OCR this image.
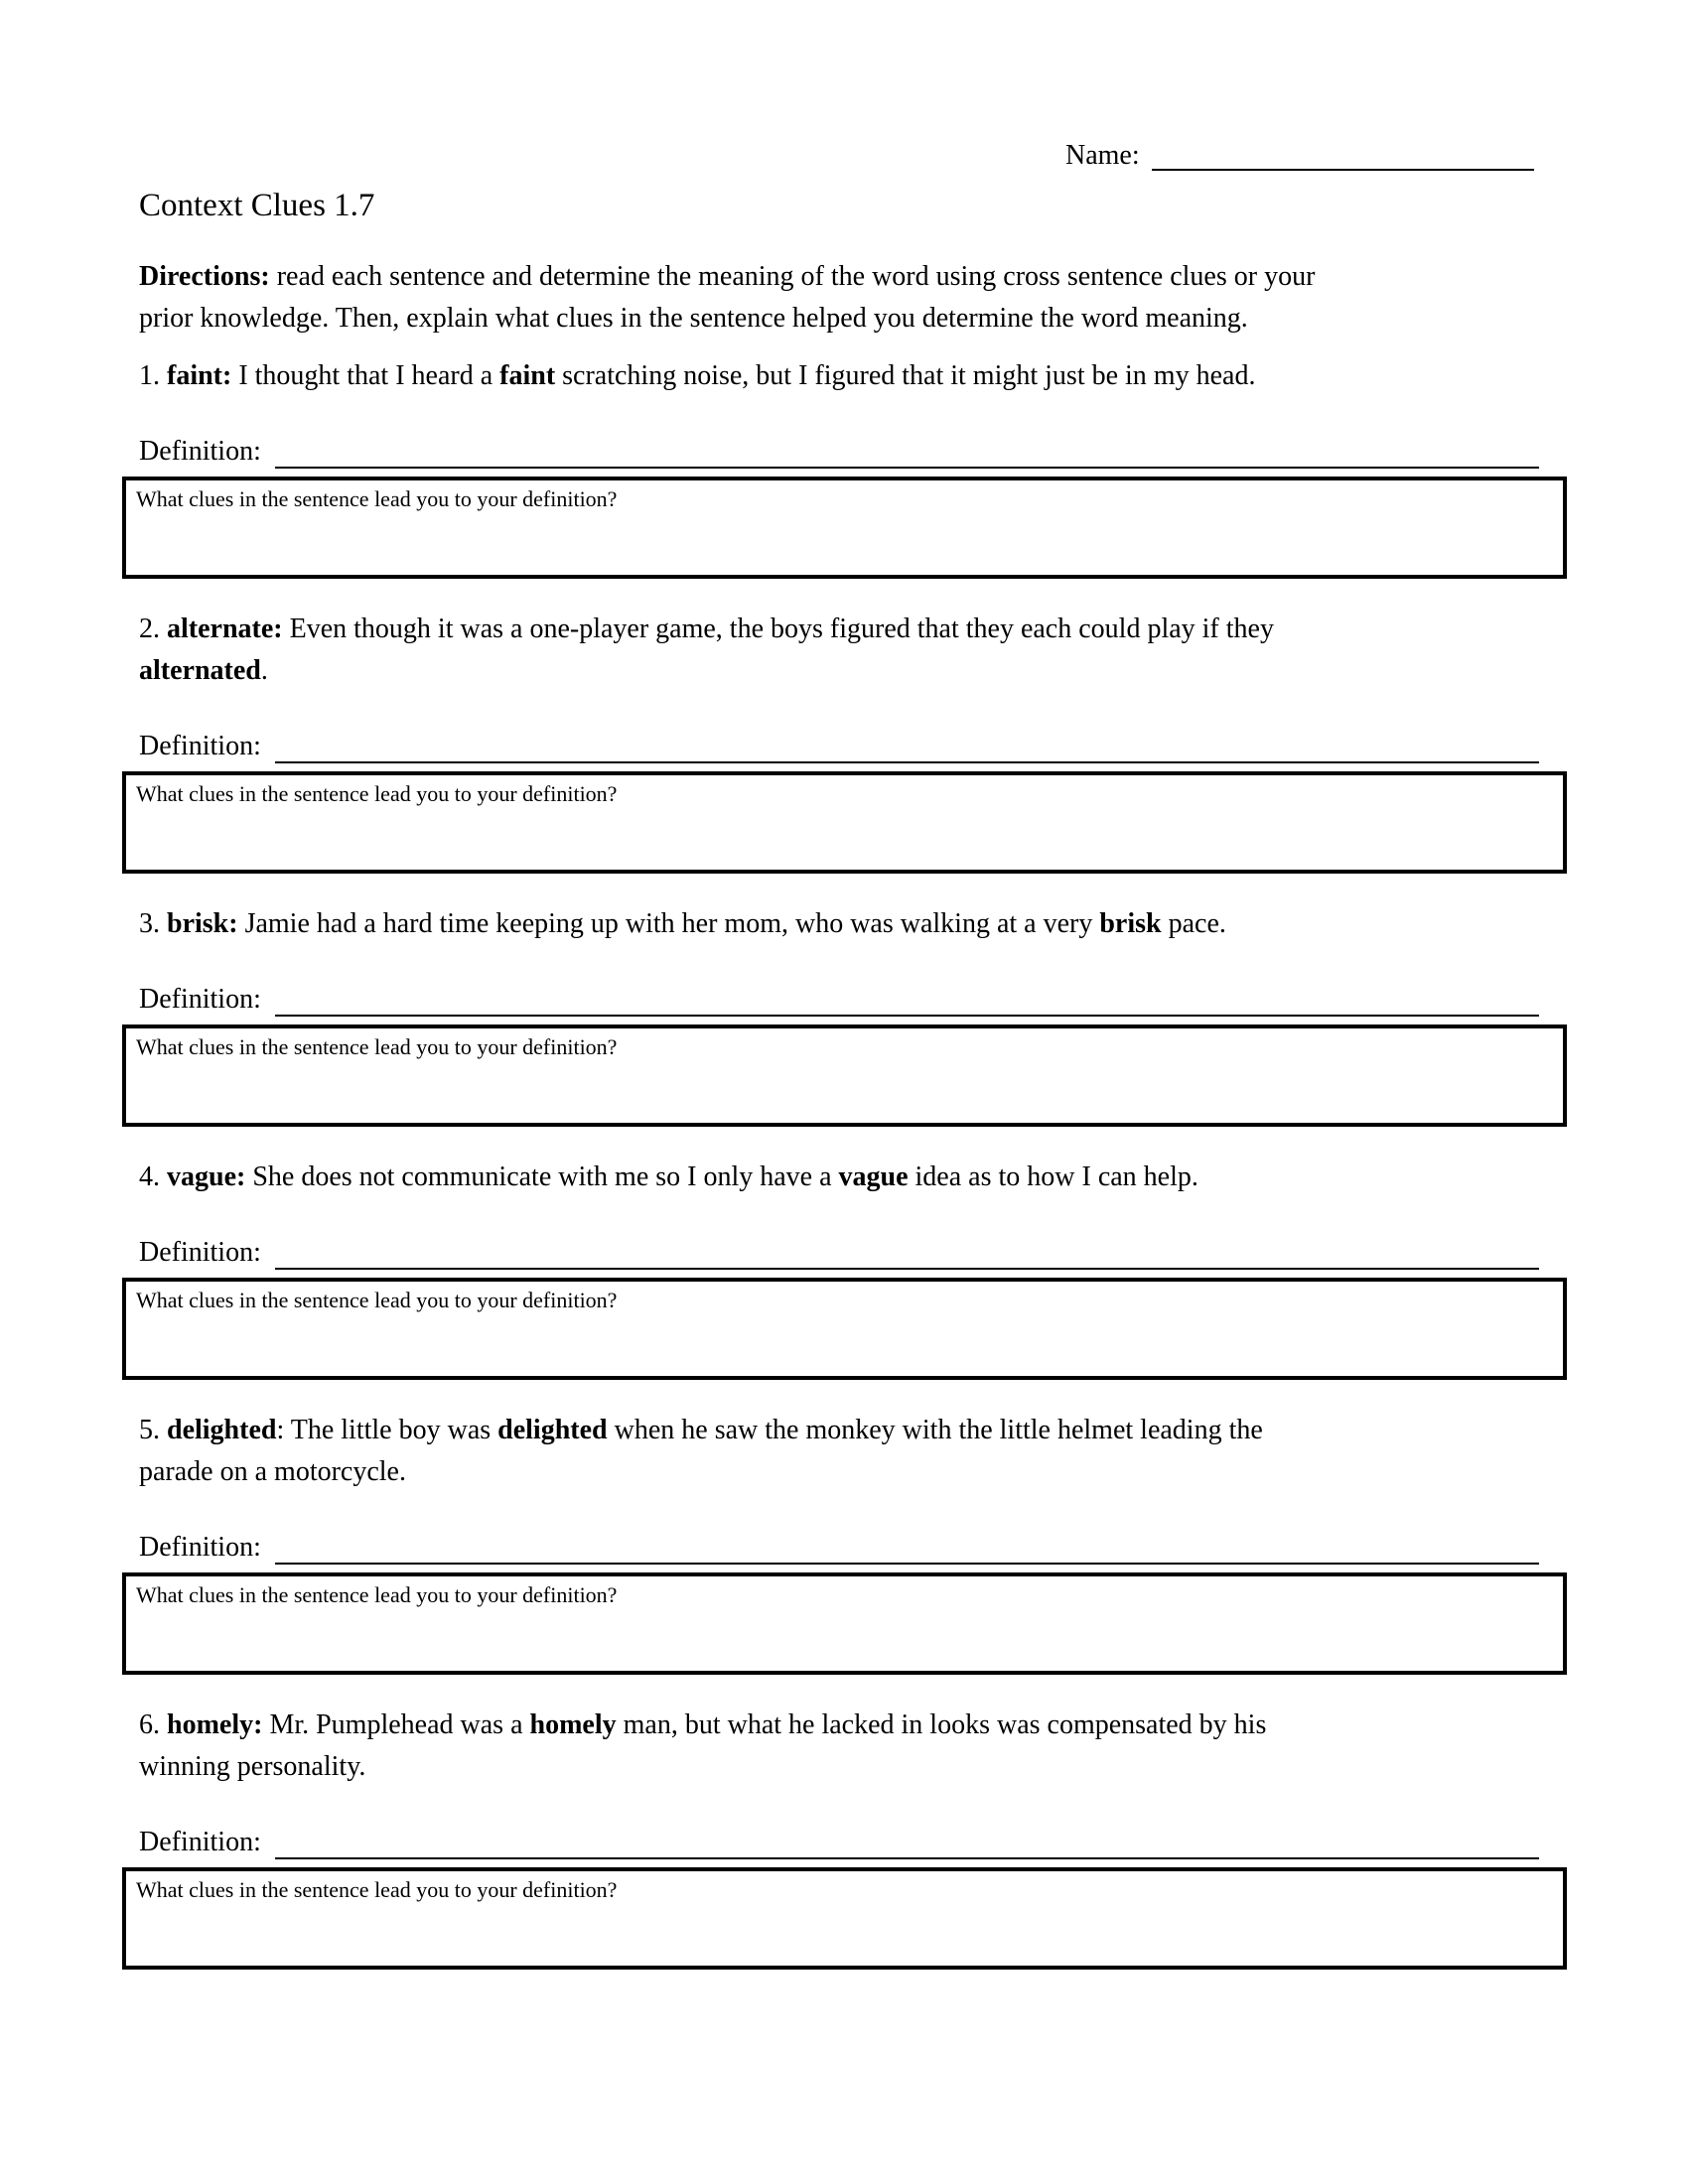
Name:
Context Clues 1.7

Directions: read each sentence and determine the meaning of the word using cross sentence clues or your
prior knowledge. Then, explain what clues in the sentence helped you determine the word meaning.

1. faint: I thought that I heard a faint scratching noise, but I figured that it might just be in my head.

Definition:
What clues in the sentence lead you to your definition?

2. alternate: Even though it was a one-player game, the boys figured that they each could play if they
alternated.

Definition:
What clues in the sentence lead you to your definition?

3. brisk: Jamie had a hard time keeping up with her mom, who was walking at a very brisk pace.

Definition:
What clues in the sentence lead you to your definition?

4. vague: She does not communicate with me so I only have a vague idea as to how I can help.

Definition:
What clues in the sentence lead you to your definition?

5. delighted: The little boy was delighted when he saw the monkey with the little helmet leading the
parade on a motorcycle.

Definition:
What clues in the sentence lead you to your definition?

6. homely: Mr. Pumplehead was a homely man, but what he lacked in looks was compensated by his
winning personality.

Definition:
What clues in the sentence lead you to your definition?
